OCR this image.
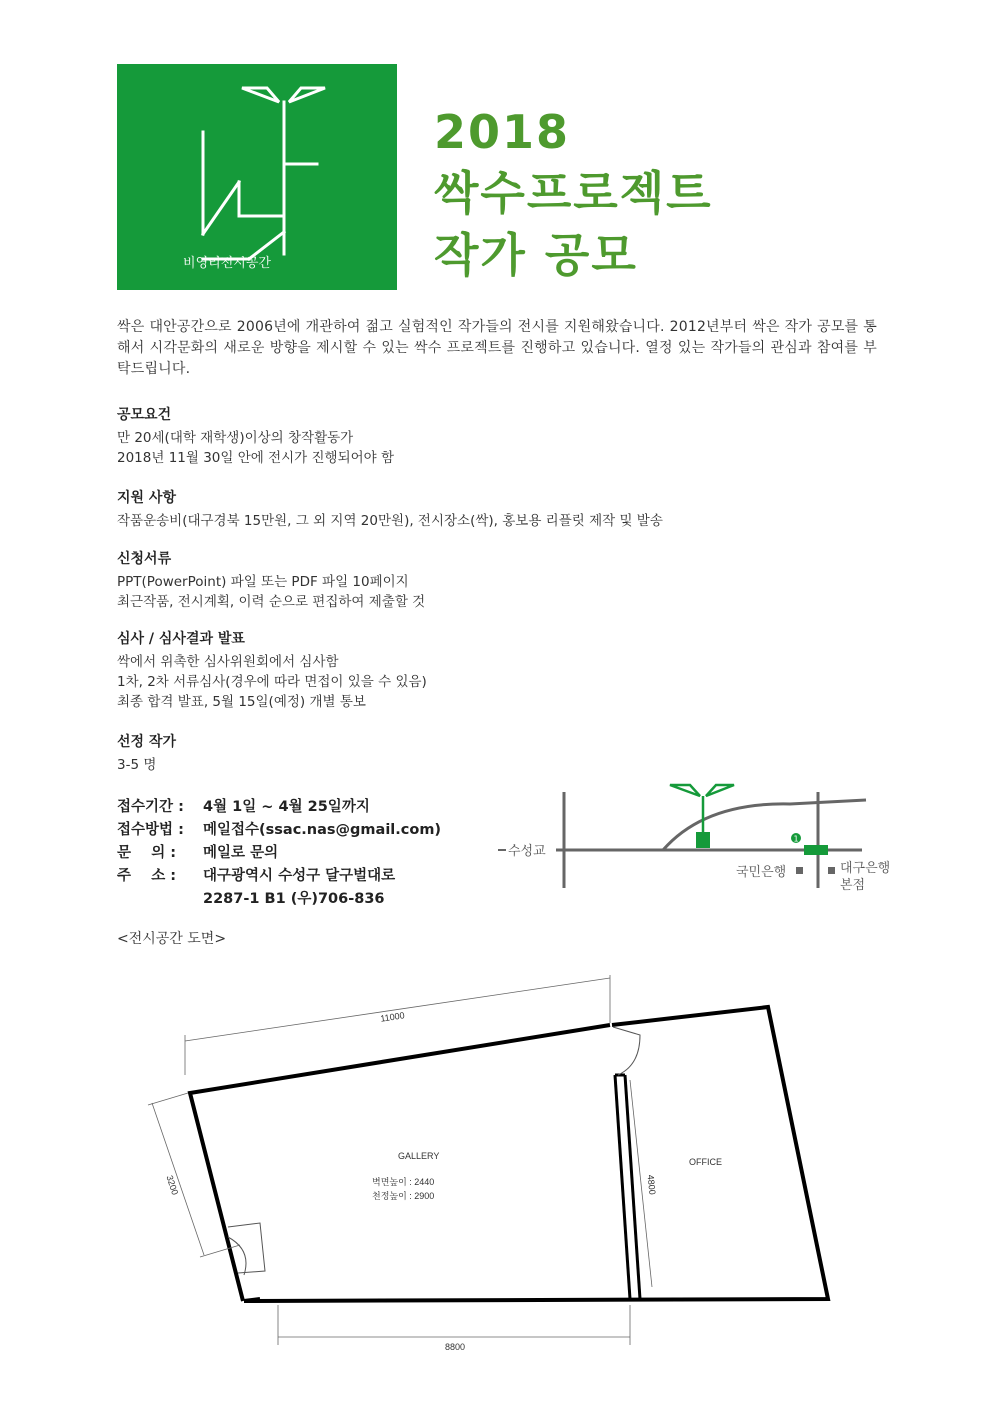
비영리전시공간
2018
싹수프로젝트
작가 공모
싹은 대안공간으로 2006년에 개관하여 젊고 실험적인 작가들의 전시를 지원해왔습니다. 2012년부터 싹은 작가 공모를 통해서 시각문화의 새로운 방향을 제시할 수 있는 싹수 프로젝트를 진행하고 있습니다. 열정 있는 작가들의 관심과 참여를 부탁드립니다.
공모요건
만 20세(대학 재학생)이상의 창작활동가
2018년 11월 30일 안에 전시가 진행되어야 함
지원 사항
작품운송비(대구경북 15만원, 그 외 지역 20만원), 전시장소(싹), 홍보용 리플릿 제작 및 발송
신청서류
PPT(PowerPoint) 파일 또는 PDF 파일 10페이지
최근작품, 전시계획, 이력 순으로 편집하여 제출할 것
심사 / 심사결과 발표
싹에서 위촉한 심사위원회에서 심사함
1차, 2차 서류심사(경우에 따라 면접이 있을 수 있음)
최종 합격 발표, 5월 15일(예정) 개별 통보
선정 작가
3-5 명
접수기간 : 4월 1일 ~ 4월 25일까지
접수방법 : 메일접수(ssac.nas@gmail.com)
문    의 : 메일로 문의
주    소 : 대구광역시 수성구 달구벌대로
2287-1 B1 (우)706-836
수성교
1
국민은행	대구은행
본점
<전시공간 도면>
11000
3200
8800
4800
GALLERY
벽면높이 : 2440
천정높이 : 2900
OFFICE
